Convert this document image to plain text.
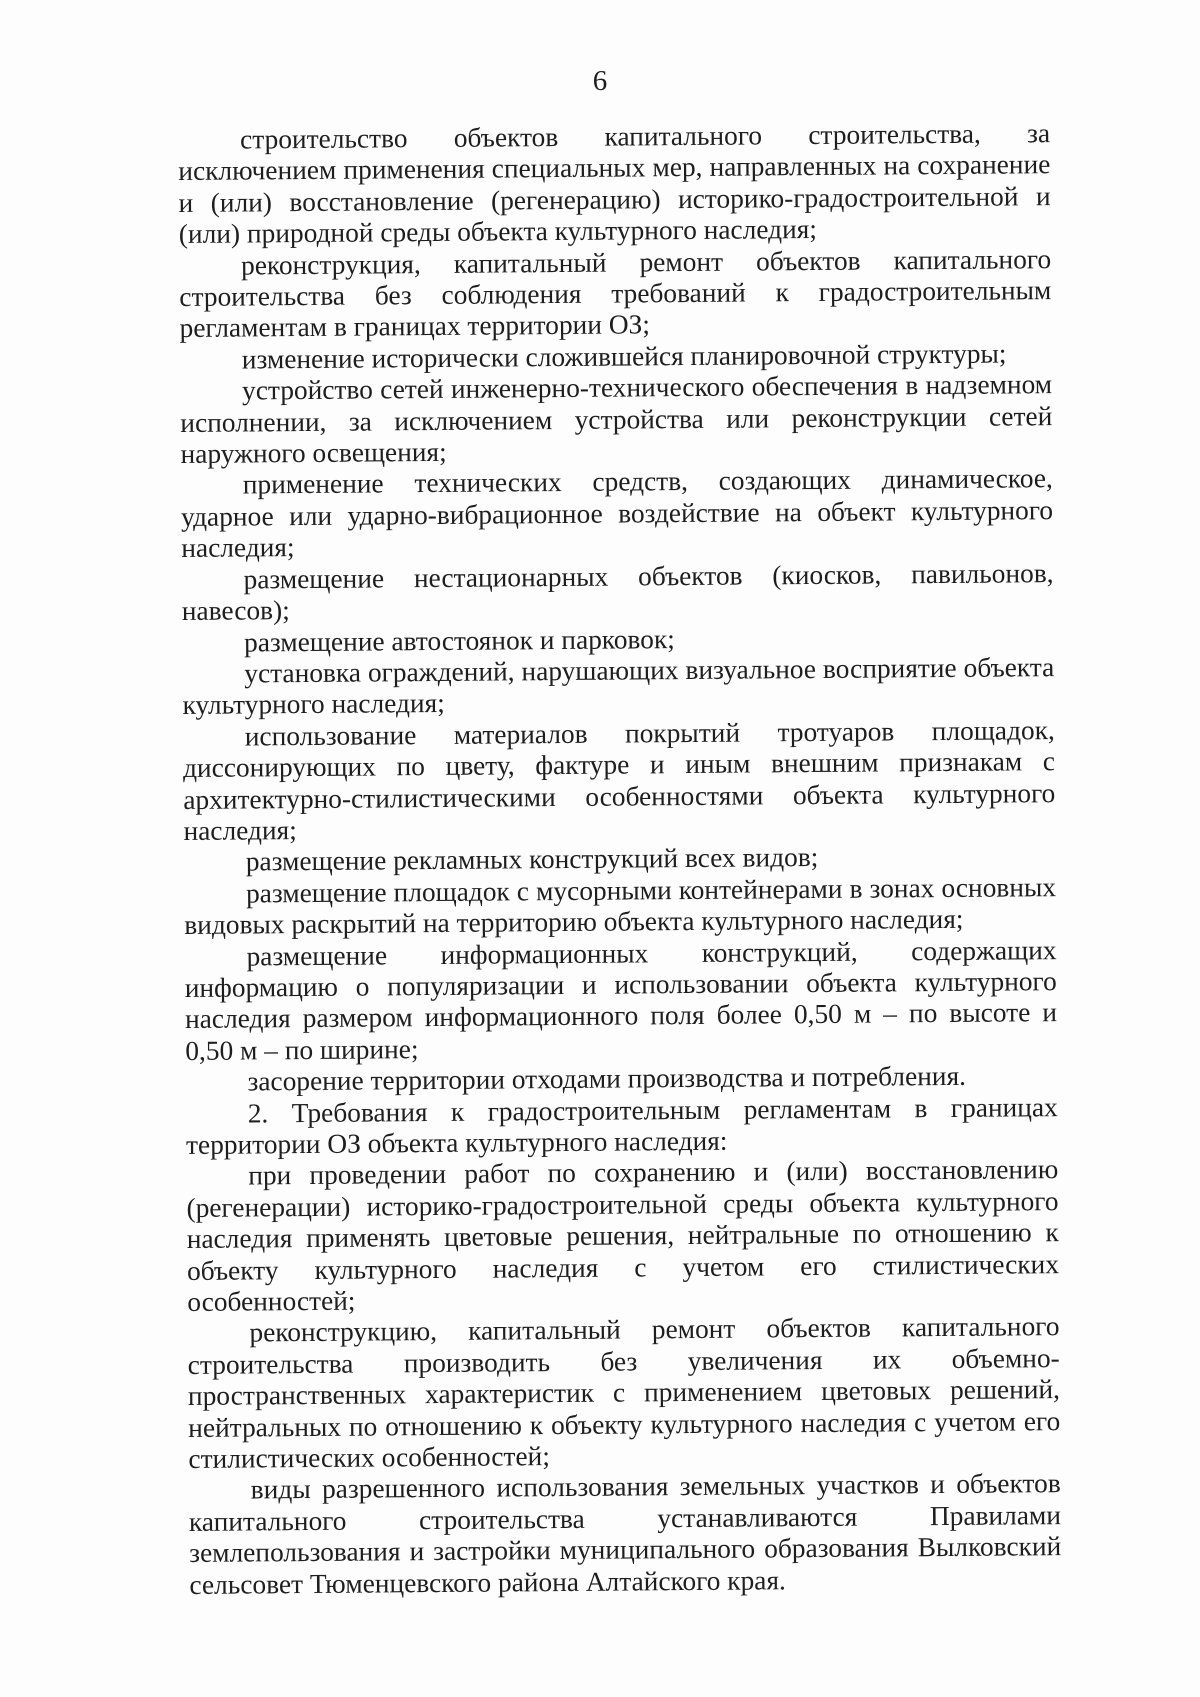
6

строительство объектов капитального строительства, за исключением применения специальных мер, направленных на сохранение и (или) восстановление (регенерацию) историко-градостроительной и (или) природной среды объекта культурного наследия;

реконструкция, капитальный ремонт объектов капитального строительства без соблюдения требований к градостроительным регламентам в границах территории ОЗ;

изменение исторически сложившейся планировочной структуры;

устройство сетей инженерно-технического обеспечения в надземном исполнении, за исключением устройства или реконструкции сетей наружного освещения;

применение технических средств, создающих динамическое, ударное или ударно-вибрационное воздействие на объект культурного наследия;

размещение нестационарных объектов (киосков, павильонов, навесов);

размещение автостоянок и парковок;

установка ограждений, нарушающих визуальное восприятие объекта культурного наследия;

использование материалов покрытий тротуаров площадок, диссонирующих по цвету, фактуре и иным внешним признакам с архитектурно-стилистическими особенностями объекта культурного наследия;

размещение рекламных конструкций всех видов;

размещение площадок с мусорными контейнерами в зонах основных видовых раскрытий на территорию объекта культурного наследия;

размещение информационных конструкций, содержащих информацию о популяризации и использовании объекта культурного наследия размером информационного поля более 0,50 м – по высоте и 0,50 м – по ширине;

засорение территории отходами производства и потребления.

2. Требования к градостроительным регламентам в границах территории ОЗ объекта культурного наследия:

при проведении работ по сохранению и (или) восстановлению (регенерации) историко-градостроительной среды объекта культурного наследия применять цветовые решения, нейтральные по отношению к объекту культурного наследия с учетом его стилистических особенностей;

реконструкцию, капитальный ремонт объектов капитального строительства производить без увеличения их объемно-пространственных характеристик с применением цветовых решений, нейтральных по отношению к объекту культурного наследия с учетом его стилистических особенностей;

виды разрешенного использования земельных участков и объектов капитального строительства устанавливаются Правилами землепользования и застройки муниципального образования Вылковский сельсовет Тюменцевского района Алтайского края.
